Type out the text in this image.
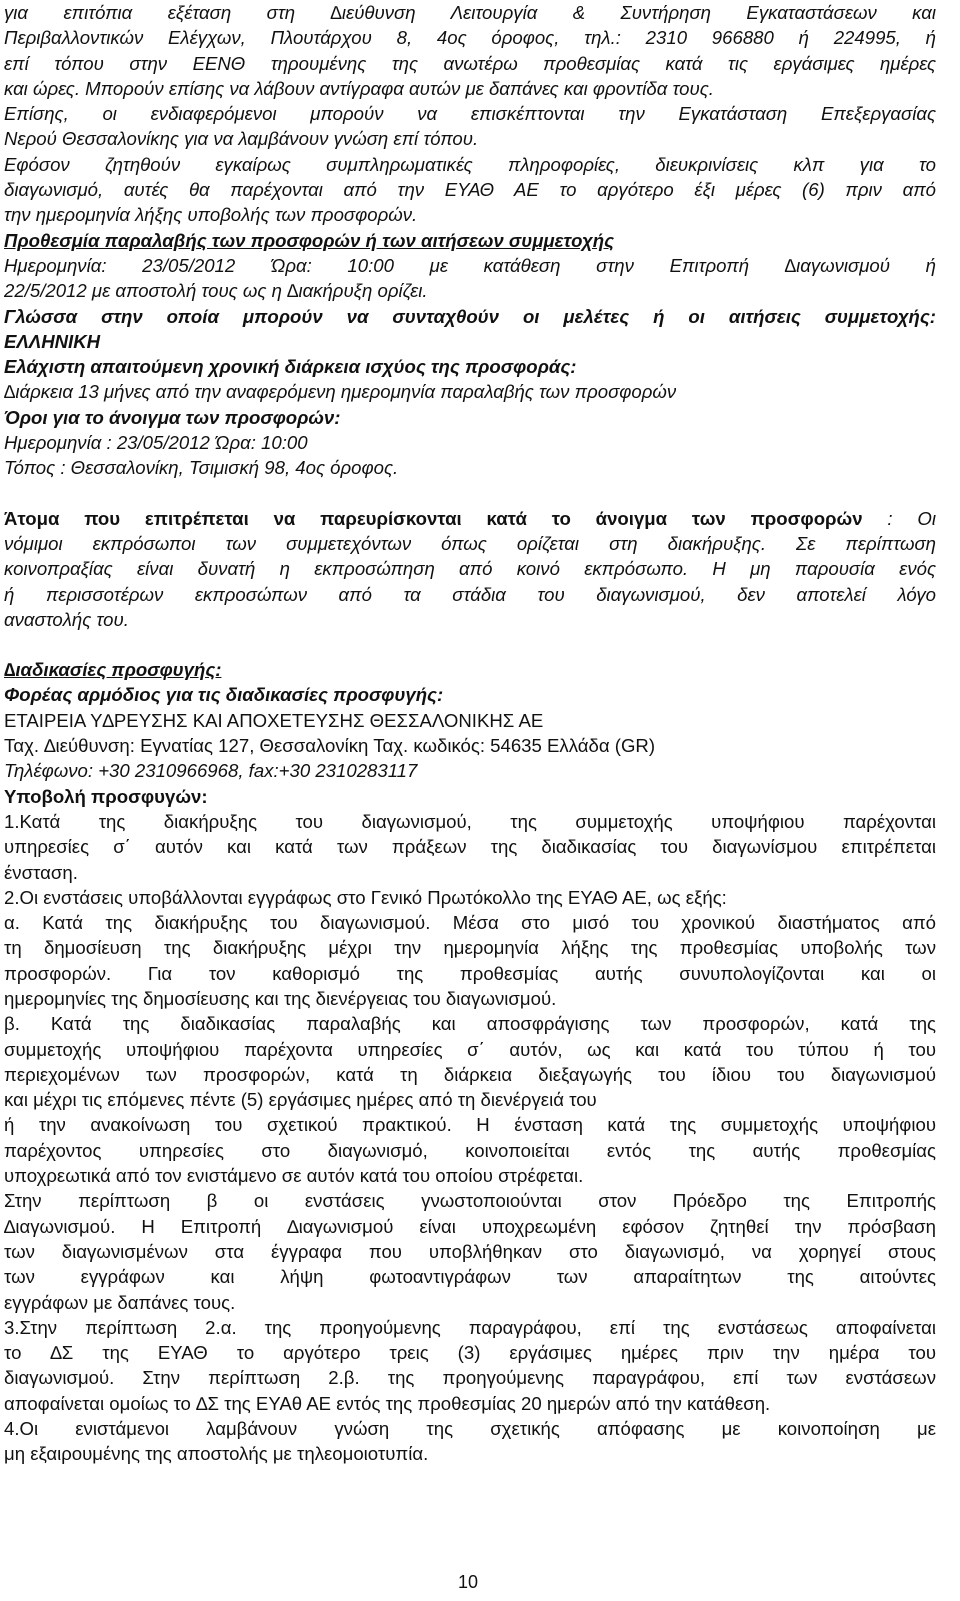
για επιτόπια εξέταση στη ∆ιεύθυνση Λειτουργία & Συντήρηση Εγκαταστάσεων και
Περιβαλλοντικών Ελέγχων, Πλουτάρχου 8, 4ος όροφος, τηλ.: 2310 966880 ή 224995, ή
επί τόπου στην ΕΕΝΘ τηρουμένης της ανωτέρω προθεσμίας κατά τις εργάσιμες ημέρες
και ώρες. Μπορούν επίσης να λάβουν αντίγραφα αυτών με δαπάνες και φροντίδα τους.
Επίσης, οι ενδιαφερόμενοι μπορούν να επισκέπτονται την Εγκατάσταση Επεξεργασίας
Νερού Θεσσαλονίκης για να λαμβάνουν γνώση επί τόπου.
Εφόσον ζητηθούν εγκαίρως συμπληρωματικές πληροφορίες, διευκρινίσεις κλπ για το
διαγωνισμό, αυτές θα παρέχονται από την ΕΥΑΘ ΑΕ το αργότερο έξι μέρες (6) πριν από
την ημερομηνία λήξης υποβολής των προσφορών.
Προθεσμία παραλαβής των προσφορών ή των αιτήσεων συμμετοχής
Ημερομηνία: 23/05/2012 Ώρα: 10:00 με κατάθεση στην Επιτροπή ∆ιαγωνισμού ή
22/5/2012 με αποστολή τους ως η ∆ιακήρυξη ορίζει.
Γλώσσα στην οποία μπορούν να συνταχθούν οι μελέτες ή οι αιτήσεις συμμετοχής:
ΕΛΛΗΝΙΚΗ
Ελάχιστη απαιτούμενη χρονική διάρκεια ισχύος της προσφοράς:
∆ιάρκεια 13 μήνες από την αναφερόμενη ημερομηνία παραλαβής των προσφορών
Όροι για το άνοιγμα των προσφορών:
Ημερομηνία : 23/05/2012 Ώρα: 10:00
Τόπος : Θεσσαλονίκη, Τσιμισκή 98, 4ος όροφος.
Άτομα που επιτρέπεται να παρευρίσκονται κατά το άνοιγμα των προσφορών : Οι
νόμιμοι εκπρόσωποι των συμμετεχόντων όπως ορίζεται στη διακήρυξης. Σε περίπτωση
κοινοπραξίας είναι δυνατή η εκπροσώπηση από κοινό εκπρόσωπο. Η μη παρουσία ενός
ή περισσοτέρων εκπροσώπων από τα στάδια του διαγωνισμού, δεν αποτελεί λόγο
αναστολής του.
∆ιαδικασίες προσφυγής:
Φορέας αρμόδιος για τις διαδικασίες προσφυγής:
ΕΤΑΙΡΕΙΑ Υ∆ΡΕΥΣΗΣ ΚΑΙ ΑΠΟΧΕΤΕΥΣΗΣ ΘΕΣΣΑΛΟΝΙΚΗΣ ΑΕ
Ταχ. ∆ιεύθυνση: Εγνατίας 127, Θεσσαλονίκη Ταχ. κωδικός: 54635 Ελλάδα (GR)
Τηλέφωνο: +30 2310966968, fax:+30 2310283117
Υποβολή προσφυγών:
1.Κατά της διακήρυξης του διαγωνισμού, της συμμετοχής υποψήφιου παρέχονται
υπηρεσίες σ΄ αυτόν και κατά των πράξεων της διαδικασίας του διαγωνίσμου επιτρέπεται
ένσταση.
2.Οι ενστάσεις υποβάλλονται εγγράφως στο Γενικό Πρωτόκολλο της ΕΥΑΘ ΑΕ, ως εξής:
α. Κατά της διακήρυξης του διαγωνισμού. Μέσα στο μισό του χρονικού διαστήματος από
τη δημοσίευση της διακήρυξης μέχρι την ημερομηνία λήξης της προθεσμίας υποβολής των
προσφορών. Για τον καθορισμό της προθεσμίας αυτής συνυπολογίζονται και οι
ημερομηνίες της δημοσίευσης και της διενέργειας του διαγωνισμού.
β. Κατά της διαδικασίας παραλαβής και αποσφράγισης των προσφορών, κατά της
συμμετοχής υποψήφιου παρέχοντα υπηρεσίες σ΄ αυτόν, ως και κατά του τύπου ή του
περιεχομένων των προσφορών, κατά τη διάρκεια διεξαγωγής του ίδιου του διαγωνισμού
και μέχρι τις επόμενες πέντε (5) εργάσιμες ημέρες από τη διενέργειά του
ή την ανακοίνωση του σχετικού πρακτικού. Η ένσταση κατά της συμμετοχής υποψήφιου
παρέχοντος υπηρεσίες στο διαγωνισμό, κοινοποιείται εντός της αυτής προθεσμίας
υποχρεωτικά από τον ενιστάμενο σε αυτόν κατά του οποίου στρέφεται.
Στην περίπτωση β οι ενστάσεις γνωστοποιούνται στον Πρόεδρο της Επιτροπής
∆ιαγωνισμού. Η Επιτροπή ∆ιαγωνισμού είναι υποχρεωμένη εφόσον ζητηθεί την πρόσβαση
των διαγωνισμένων στα έγγραφα που υποβλήθηκαν στο διαγωνισμό, να χορηγεί στους
των εγγράφων και λήψη φωτοαντιγράφων των απαραίτητων της αιτούντες
εγγράφων με δαπάνες τους.
3.Στην περίπτωση 2.α. της προηγούμενης παραγράφου, επί της ενστάσεως αποφαίνεται
το ∆Σ της ΕΥΑΘ το αργότερο τρεις (3) εργάσιμες ημέρες πριν την ημέρα του
διαγωνισμού. Στην περίπτωση 2.β. της προηγούμενης παραγράφου, επί των ενστάσεων
αποφαίνεται ομοίως το ∆Σ της ΕΥΑθ ΑΕ εντός της προθεσμίας 20 ημερών από την κατάθεση.
4.Οι ενιστάμενοι λαμβάνουν γνώση της σχετικής απόφασης με κοινοποίηση με
μη εξαιρουμένης της αποστολής με τηλεομοιοτυπία.
10
